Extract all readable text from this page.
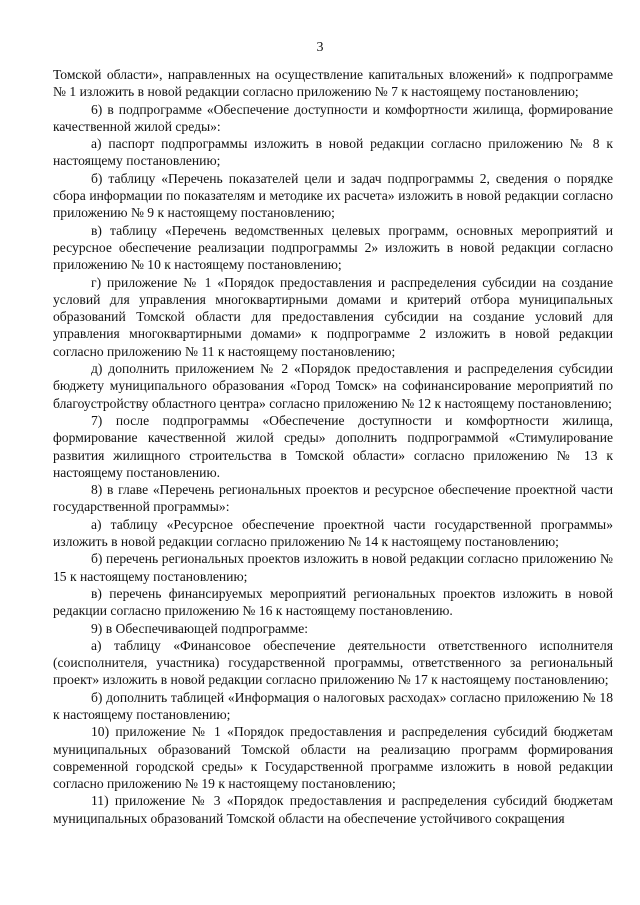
3

Томской области», направленных на осуществление капитальных вложений» к подпрограмме № 1 изложить в новой редакции согласно приложению № 7 к настоящему постановлению;

6) в подпрограмме «Обеспечение доступности и комфортности жилища, формирование качественной жилой среды»:

а) паспорт подпрограммы изложить в новой редакции согласно приложению № 8 к настоящему постановлению;

б) таблицу «Перечень показателей цели и задач подпрограммы 2, сведения о порядке сбора информации по показателям и методике их расчета» изложить в новой редакции согласно приложению № 9 к настоящему постановлению;

в) таблицу «Перечень ведомственных целевых программ, основных мероприятий и ресурсное обеспечение реализации подпрограммы 2» изложить в новой редакции согласно приложению № 10 к настоящему постановлению;

г) приложение № 1 «Порядок предоставления и распределения субсидии на создание условий для управления многоквартирными домами и критерий отбора муниципальных образований Томской области для предоставления субсидии на создание условий для управления многоквартирными домами» к подпрограмме 2 изложить в новой редакции согласно приложению № 11 к настоящему постановлению;

д) дополнить приложением № 2 «Порядок предоставления и распределения субсидии бюджету муниципального образования «Город Томск» на софинансирование мероприятий по благоустройству областного центра» согласно приложению № 12 к настоящему постановлению;

7) после подпрограммы «Обеспечение доступности и комфортности жилища, формирование качественной жилой среды» дополнить подпрограммой «Стимулирование развития жилищного строительства в Томской области» согласно приложению № 13 к настоящему постановлению.

8) в главе «Перечень региональных проектов и ресурсное обеспечение проектной части государственной программы»:

а) таблицу «Ресурсное обеспечение проектной части государственной программы» изложить в новой редакции согласно приложению № 14 к настоящему постановлению;

б) перечень региональных проектов изложить в новой редакции согласно приложению № 15 к настоящему постановлению;

в) перечень финансируемых мероприятий региональных проектов изложить в новой редакции согласно приложению № 16 к настоящему постановлению.

9) в Обеспечивающей подпрограмме:

а) таблицу «Финансовое обеспечение деятельности ответственного исполнителя (соисполнителя, участника) государственной программы, ответственного за региональный проект» изложить в новой редакции согласно приложению № 17 к настоящему постановлению;

б) дополнить таблицей «Информация о налоговых расходах» согласно приложению № 18 к настоящему постановлению;

10) приложение № 1 «Порядок предоставления и распределения субсидий бюджетам муниципальных образований Томской области на реализацию программ формирования современной городской среды» к Государственной программе изложить в новой редакции согласно приложению № 19 к настоящему постановлению;

11) приложение № 3 «Порядок предоставления и распределения субсидий бюджетам муниципальных образований Томской области на обеспечение устойчивого сокращения
